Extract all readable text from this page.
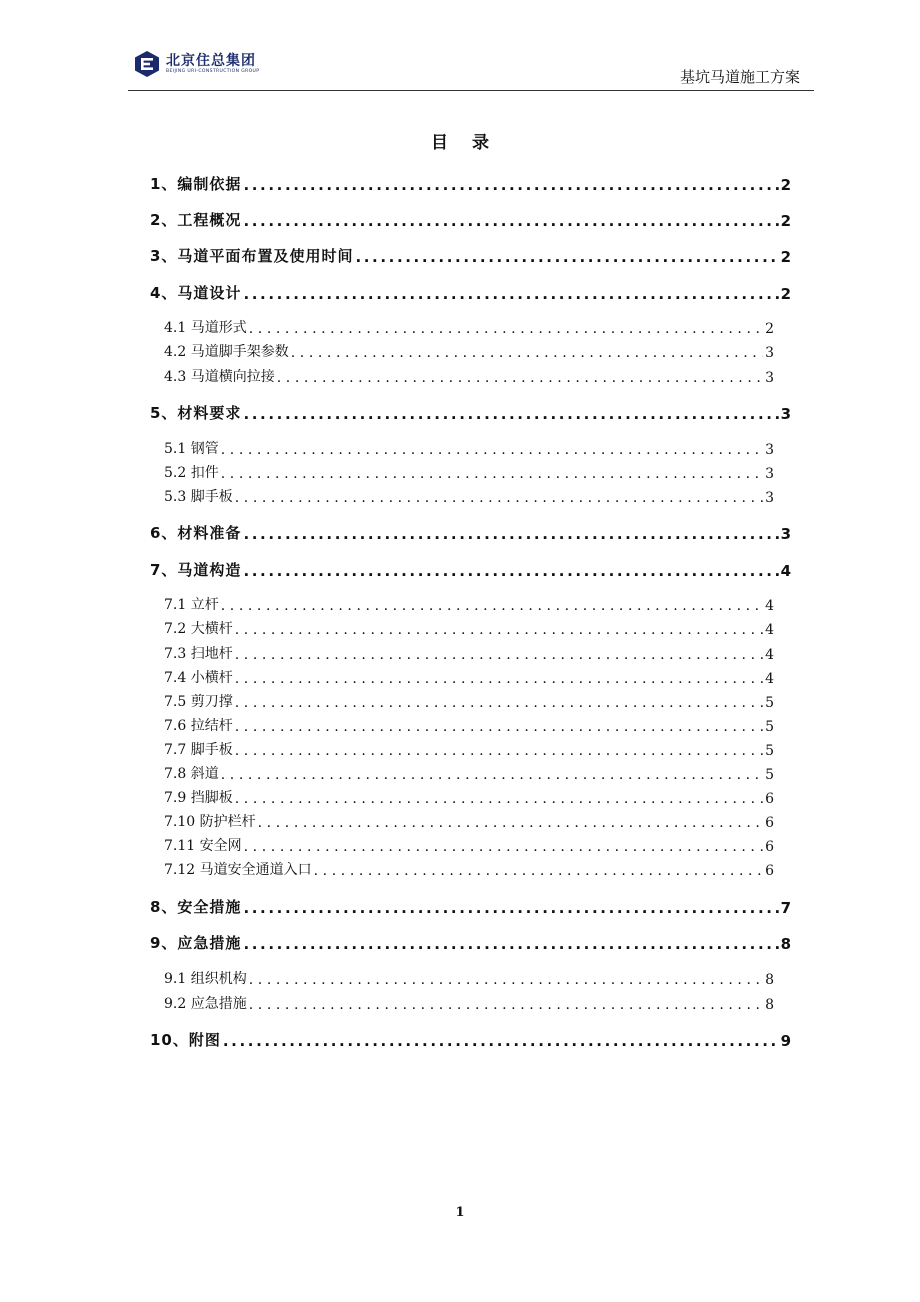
北京住总集团
BEIJING URI-CONSTRUCTION GROUP	基坑马道施工方案
目 录
1、编制依据 .....	2
2、工程概况 .....	2
3、马道平面布置及使用时间 .....	2
4、马道设计 .....	2
4.1 马道形式 .....	2
4.2 马道脚手架参数 .....	3
4.3 马道横向拉接 .....	3
5、材料要求 .....	3
5.1 钢管 .....	3
5.2 扣件 .....	3
5.3 脚手板 .....	3
6、材料准备 .....	3
7、马道构造 .....	4
7.1 立杆 .....	4
7.2 大横杆 .....	4
7.3 扫地杆 .....	4
7.4 小横杆 .....	4
7.5 剪刀撑 .....	5
7.6 拉结杆 .....	5
7.7 脚手板 .....	5
7.8 斜道 .....	5
7.9 挡脚板 .....	6
7.10 防护栏杆 .....	6
7.11 安全网 .....	6
7.12 马道安全通道入口 .....	6
8、安全措施 .....	7
9、应急措施 .....	8
9.1 组织机构 .....	8
9.2 应急措施 .....	8
10、附图 .....	9
1
